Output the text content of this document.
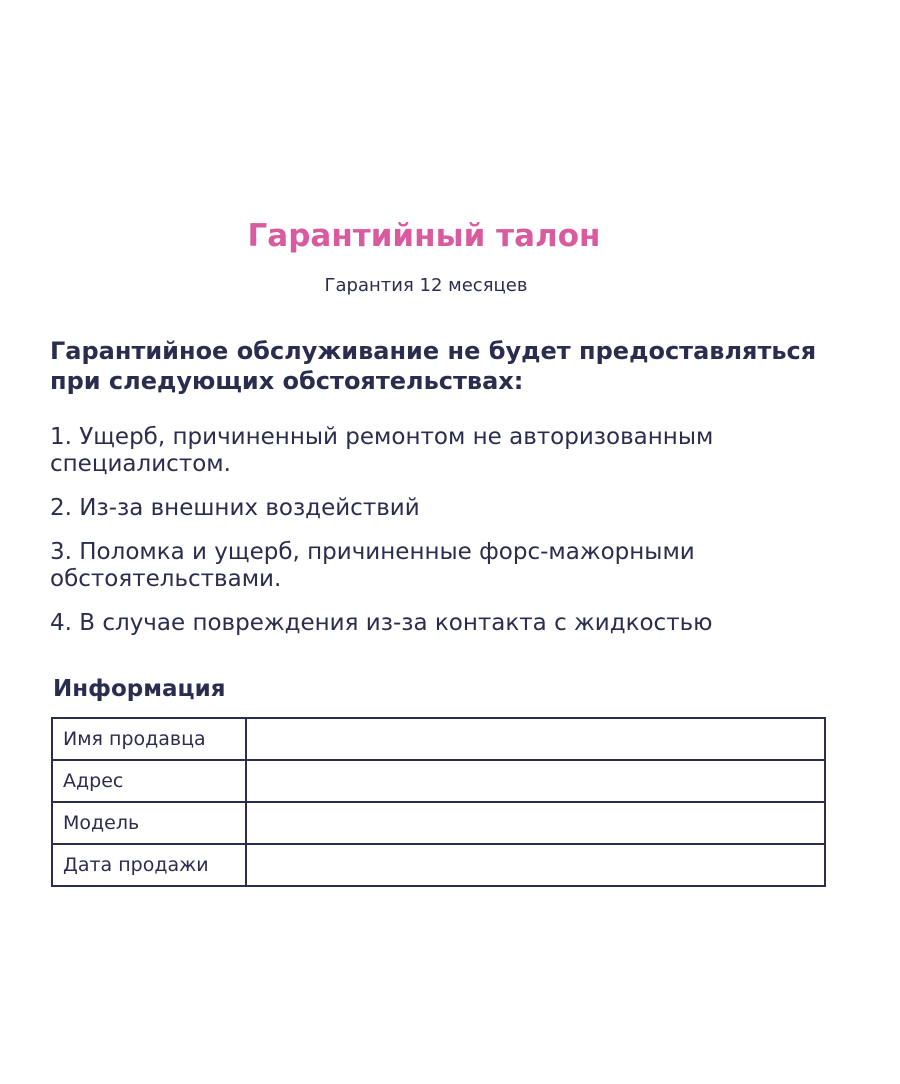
Гарантийный талон
Гарантия 12 месяцев
Гарантийное обслуживание не будет предоставляться при следующих обстоятельствах:
1. Ущерб, причиненный ремонтом не авторизованным специалистом.
2. Из-за внешних воздействий
3. Поломка и ущерб, причиненные форс-мажорными обстоятельствами.
4. В случае повреждения из-за контакта с жидкостью
Информация
Имя продавца	
Адрес	
Модель	
Дата продажи	
